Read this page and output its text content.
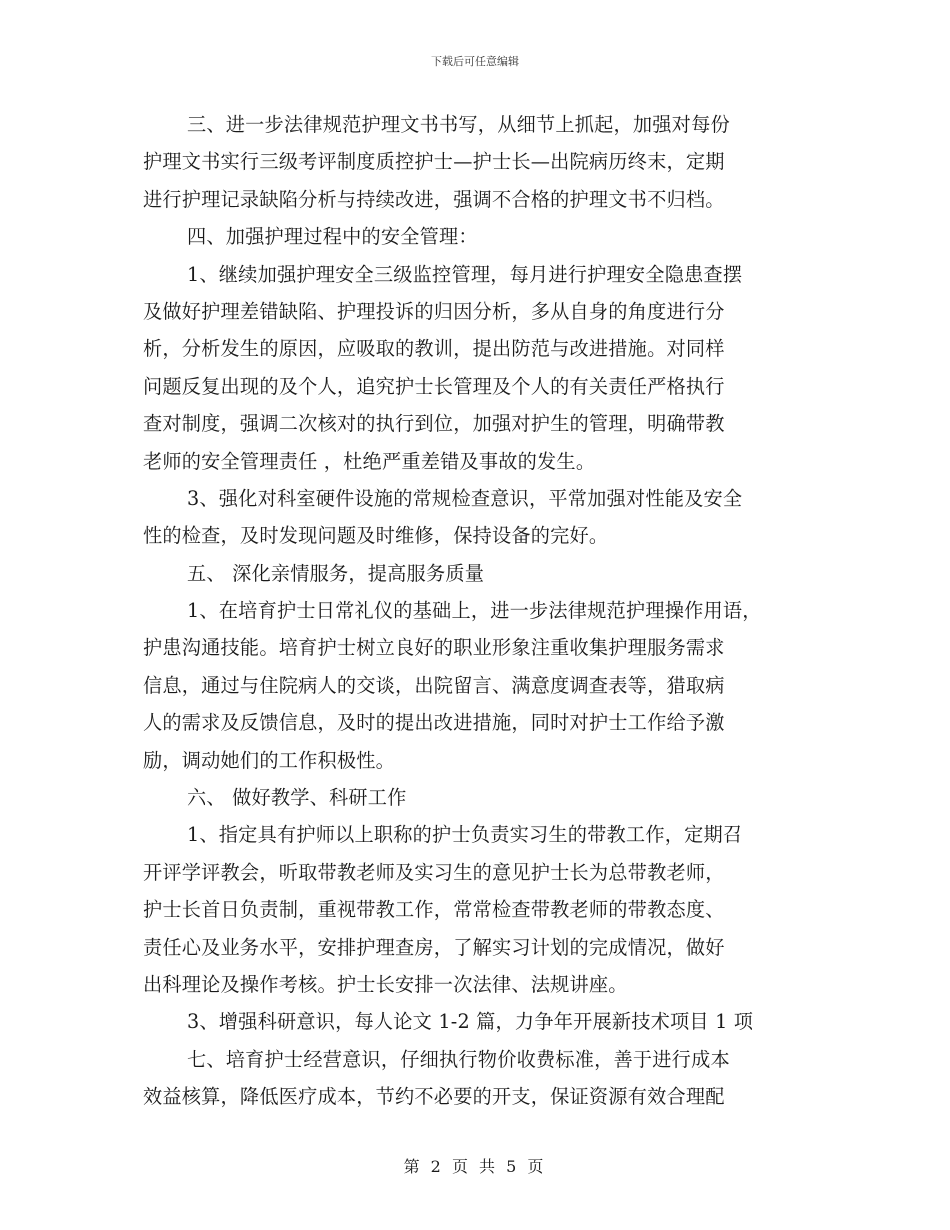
下载后可任意编辑
三、进一步法律规范护理文书书写，从细节上抓起，加强对每份
护理文书实行三级考评制度质控护士—护士长—出院病历终末，定期
进行护理记录缺陷分析与持续改进，强调不合格的护理文书不归档。
四、加强护理过程中的安全管理：
1、继续加强护理安全三级监控管理，每月进行护理安全隐患查摆
及做好护理差错缺陷、护理投诉的归因分析，多从自身的角度进行分
析，分析发生的原因，应吸取的教训，提出防范与改进措施。对同样
问题反复出现的及个人，追究护士长管理及个人的有关责任严格执行
查对制度，强调二次核对的执行到位，加强对护生的管理，明确带教
老师的安全管理责任 ，杜绝严重差错及事故的发生。
3、强化对科室硬件设施的常规检查意识，平常加强对性能及安全
性的检查，及时发现问题及时维修，保持设备的完好。
五、 深化亲情服务，提高服务质量
1、在培育护士日常礼仪的基础上，进一步法律规范护理操作用语，
护患沟通技能。培育护士树立良好的职业形象注重收集护理服务需求
信息，通过与住院病人的交谈，出院留言、满意度调查表等，猎取病
人的需求及反馈信息，及时的提出改进措施，同时对护士工作给予激
励，调动她们的工作积极性。
六、 做好教学、科研工作
1、指定具有护师以上职称的护士负责实习生的带教工作，定期召
开评学评教会，听取带教老师及实习生的意见护士长为总带教老师，
护士长首日负责制，重视带教工作，常常检查带教老师的带教态度、
责任心及业务水平，安排护理查房，了解实习计划的完成情况，做好
出科理论及操作考核。护士长安排一次法律、法规讲座。
3、增强科研意识，每人论文 1-2 篇，力争年开展新技术项目 1 项
七、培育护士经营意识，仔细执行物价收费标准，善于进行成本
效益核算，降低医疗成本，节约不必要的开支，保证资源有效合理配
第 2 页 共 5 页
